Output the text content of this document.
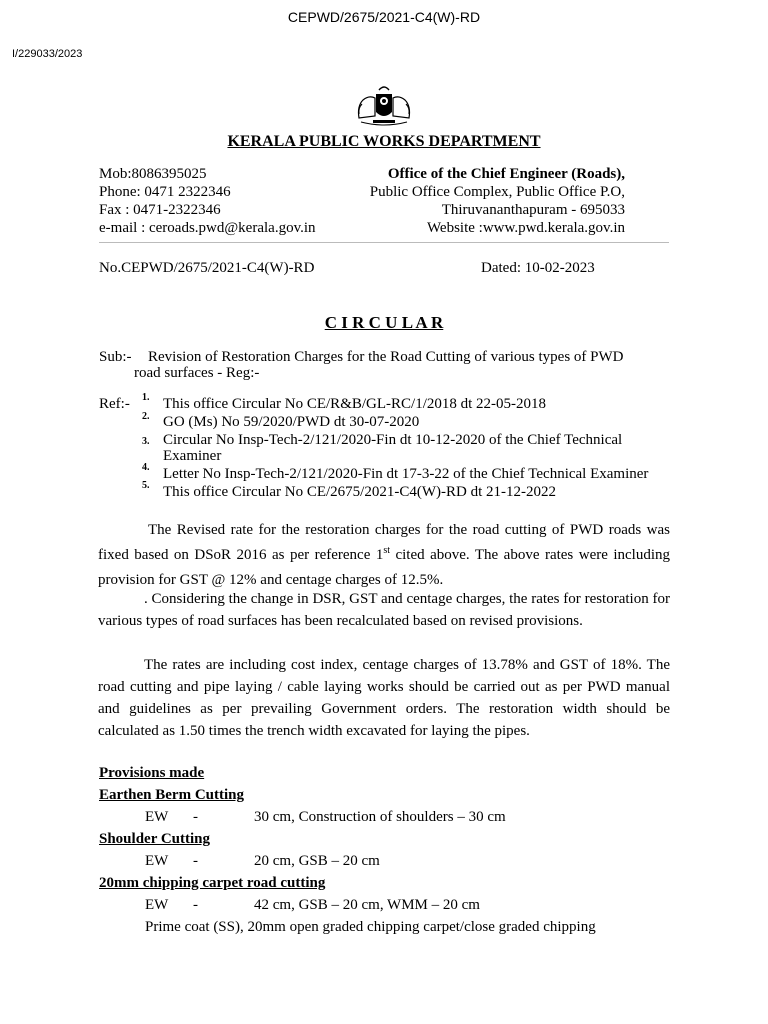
CEPWD/2675/2021-C4(W)-RD
I/229033/2023
KERALA PUBLIC WORKS DEPARTMENT
Mob:8086395025
Phone: 0471 2322346
Fax : 0471-2322346
e-mail : ceroads.pwd@kerala.gov.in
Office of the Chief Engineer (Roads),
Public Office Complex, Public Office P.O,
Thiruvananthapuram - 695033
Website :www.pwd.kerala.gov.in
No.CEPWD/2675/2021-C4(W)-RD	Dated: 10-02-2023
C I R C U L A R
Sub:- Revision of Restoration Charges for the Road Cutting of various types of PWD
road surfaces - Reg:-
Ref:- 1. This office Circular No CE/R&B/GL-RC/1/2018 dt 22-05-2018
2. GO (Ms) No 59/2020/PWD dt 30-07-2020
3. Circular No Insp-Tech-2/121/2020-Fin dt 10-12-2020 of the Chief Technical
Examiner
4. Letter No Insp-Tech-2/121/2020-Fin dt 17-3-22 of the Chief Technical Examiner
5. This office Circular No CE/2675/2021-C4(W)-RD dt 21-12-2022
The Revised rate for the restoration charges for the road cutting of PWD roads was fixed based on DSoR 2016 as per reference 1st cited above. The above rates were including provision for GST @ 12% and centage charges of 12.5%.
. Considering the change in DSR, GST and centage charges, the rates for restoration for various types of road surfaces has been recalculated based on revised provisions.
The rates are including cost index, centage charges of 13.78% and GST of 18%. The road cutting and pipe laying / cable laying works should be carried out as per PWD manual and guidelines as per prevailing Government orders. The restoration width should be calculated as 1.50 times the trench width excavated for laying the pipes.
Provisions made
Earthen Berm Cutting
EW -	30 cm, Construction of shoulders – 30 cm
Shoulder Cutting
EW -	20 cm, GSB – 20 cm
20mm chipping carpet road cutting
EW -	42 cm, GSB – 20 cm, WMM – 20 cm
Prime coat (SS), 20mm open graded chipping carpet/close graded chipping
